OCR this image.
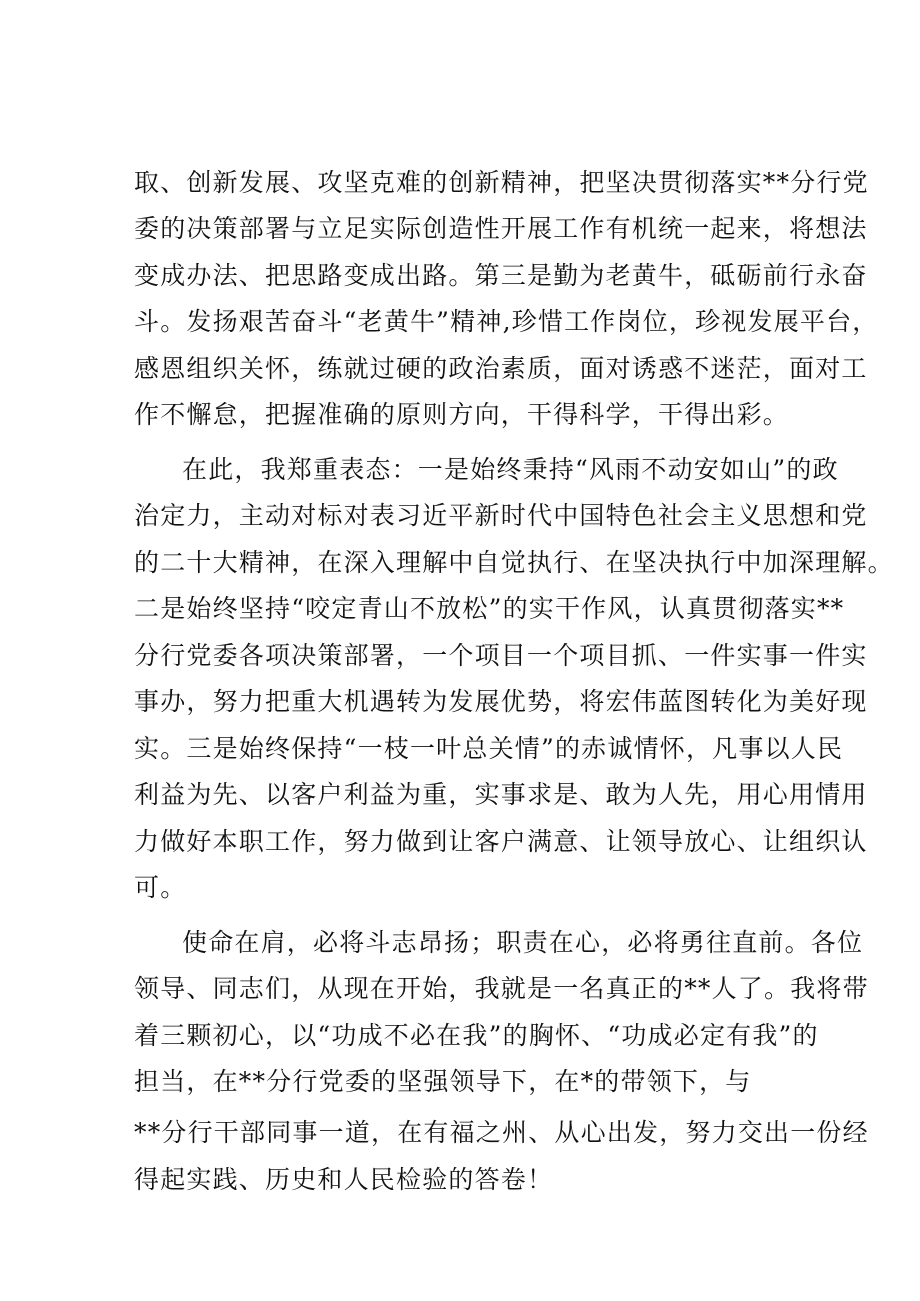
取、创新发展、攻坚克难的创新精神，把坚决贯彻落实**分行党
委的决策部署与立足实际创造性开展工作有机统一起来，将想法
变成办法、把思路变成出路。第三是勤为老黄牛，砥砺前行永奋
斗。发扬艰苦奋斗“老黄牛”精神,珍惜工作岗位，珍视发展平台，
感恩组织关怀，练就过硬的政治素质，面对诱惑不迷茫，面对工
作不懈怠，把握准确的原则方向，干得科学，干得出彩。
在此，我郑重表态：一是始终秉持“风雨不动安如山”的政
治定力，主动对标对表习近平新时代中国特色社会主义思想和党
的二十大精神，在深入理解中自觉执行、在坚决执行中加深理解。
二是始终坚持“咬定青山不放松”的实干作风，认真贯彻落实**
分行党委各项决策部署，一个项目一个项目抓、一件实事一件实
事办，努力把重大机遇转为发展优势，将宏伟蓝图转化为美好现
实。三是始终保持“一枝一叶总关情”的赤诚情怀，凡事以人民
利益为先、以客户利益为重，实事求是、敢为人先，用心用情用
力做好本职工作，努力做到让客户满意、让领导放心、让组织认
可。
使命在肩，必将斗志昂扬；职责在心，必将勇往直前。各位
领导、同志们，从现在开始，我就是一名真正的**人了。我将带
着三颗初心，以“功成不必在我”的胸怀、“功成必定有我”的
担当，在**分行党委的坚强领导下，在*的带领下，与
**分行干部同事一道，在有福之州、从心出发，努力交出一份经
得起实践、历史和人民检验的答卷！
